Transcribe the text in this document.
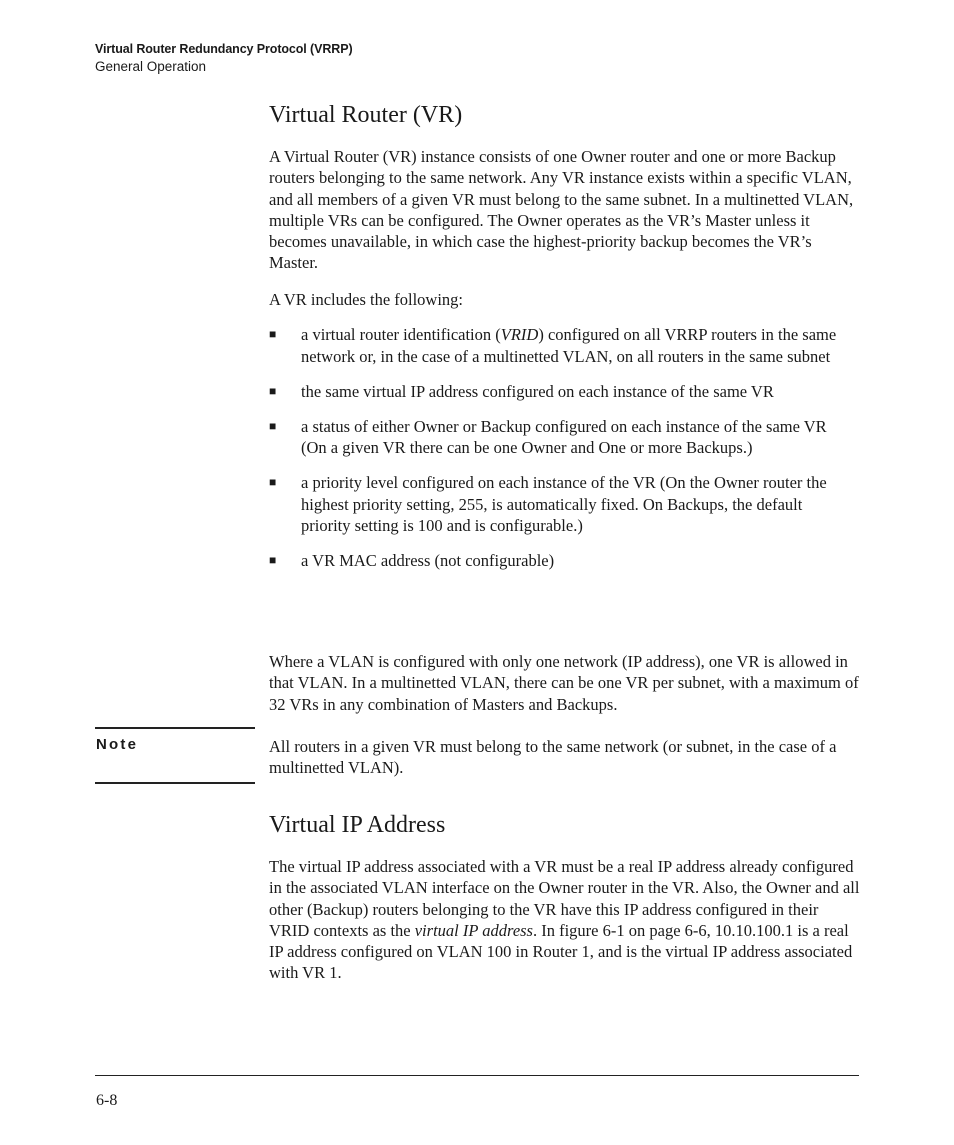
Virtual Router Redundancy Protocol (VRRP)
General Operation
Virtual Router (VR)

A Virtual Router (VR) instance consists of one Owner router and one or more Backup routers belonging to the same network. Any VR instance exists within a specific VLAN, and all members of a given VR must belong to the same subnet. In a multinetted VLAN, multiple VRs can be configured. The Owner operates as the VR’s Master unless it becomes unavailable, in which case the highest-priority backup becomes the VR’s Master.

A VR includes the following:

■ a virtual router identification (VRID) configured on all VRRP routers in the same network or, in the case of a multinetted VLAN, on all routers in the same subnet
■ the same virtual IP address configured on each instance of the same VR
■ a status of either Owner or Backup configured on each instance of the same VR (On a given VR there can be one Owner and One or more Backups.)
■ a priority level configured on each instance of the VR (On the Owner router the highest priority setting, 255, is automatically fixed. On Backups, the default priority setting is 100 and is configurable.)
■ a VR MAC address (not configurable)

Where a VLAN is configured with only one network (IP address), one VR is allowed in that VLAN. In a multinetted VLAN, there can be one VR per subnet, with a maximum of 32 VRs in any combination of Masters and Backups.

Note	All routers in a given VR must belong to the same network (or subnet, in the case of a multinetted VLAN).

Virtual IP Address

The virtual IP address associated with a VR must be a real IP address already configured in the associated VLAN interface on the Owner router in the VR. Also, the Owner and all other (Backup) routers belonging to the VR have this IP address configured in their VRID contexts as the virtual IP address. In figure 6-1 on page 6-6, 10.10.100.1 is a real IP address configured on VLAN 100 in Router 1, and is the virtual IP address associated with VR 1.

6-8
